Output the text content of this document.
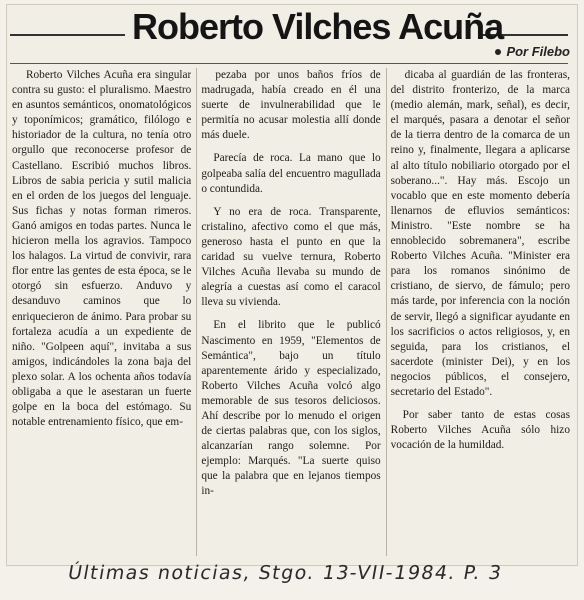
Roberto Vilches Acuña
Por Filebo

Roberto Vilches Acuña era singular contra su gusto: el pluralismo. Maestro en asuntos semánticos, onomatológicos y toponímicos; gramático, filólogo e historiador de la cultura, no tenía otro orgullo que reconocerse profesor de Castellano. Escribió muchos libros. Libros de sabia pericia y sutil malicia en el orden de los juegos del lenguaje. Sus fichas y notas forman rimeros. Ganó amigos en todas partes. Nunca le hicieron mella los agravios. Tampoco los halagos. La virtud de convivir, rara flor entre las gentes de esta época, se le otorgó sin esfuerzo. Anduvo y desanduvo caminos que lo enriquecieron de ánimo. Para probar su fortaleza acudía a un expediente de niño. "Golpeen aquí", invitaba a sus amigos, indicándoles la zona baja del plexo solar. A los ochenta años todavía obligaba a que le asestaran un fuerte golpe en la boca del estómago. Su notable entrenamiento físico, que em-

pezaba por unos baños fríos de madrugada, había creado en él una suerte de invulnerabilidad que le permitía no acusar molestia allí donde más duele.

Parecía de roca. La mano que lo golpeaba salía del encuentro magullada o contundida.

Y no era de roca. Transparente, cristalino, afectivo como el que más, generoso hasta el punto en que la caridad su vuelve ternura, Roberto Vilches Acuña llevaba su mundo de alegría a cuestas así como el caracol lleva su vivienda.

En el librito que le publicó Nascimento en 1959, "Elementos de Semántica", bajo un título aparentemente árido y especializado, Roberto Vilches Acuña volcó algo memorable de sus tesoros deliciosos. Ahí describe por lo menudo el origen de ciertas palabras que, con los siglos, alcanzarían rango solemne. Por ejemplo: Marqués. "La suerte quiso que la palabra que en lejanos tiempos in-

dicaba al guardián de las fronteras, del distrito fronterizo, de la marca (medio alemán, mark, señal), es decir, el marqués, pasara a denotar el señor de la tierra dentro de la comarca de un reino y, finalmente, llegara a aplicarse al alto título nobiliario otorgado por el soberano...". Hay más. Escojo un vocablo que en este momento debería llenarnos de efluvios semánticos: Ministro. "Este nombre se ha ennoblecido sobremanera", escribe Roberto Vilches Acuña. "Minister era para los romanos sinónimo de cristiano, de siervo, de fámulo; pero más tarde, por inferencia con la noción de servir, llegó a significar ayudante en los sacrificios o actos religiosos, y, en seguida, para los cristianos, el sacerdote (minister Dei), y en los negocios públicos, el consejero, secretario del Estado".

Por saber tanto de estas cosas Roberto Vilches Acuña sólo hizo vocación de la humildad.

Últimas noticias, Stgo. 13-VII-1984. P. 3
